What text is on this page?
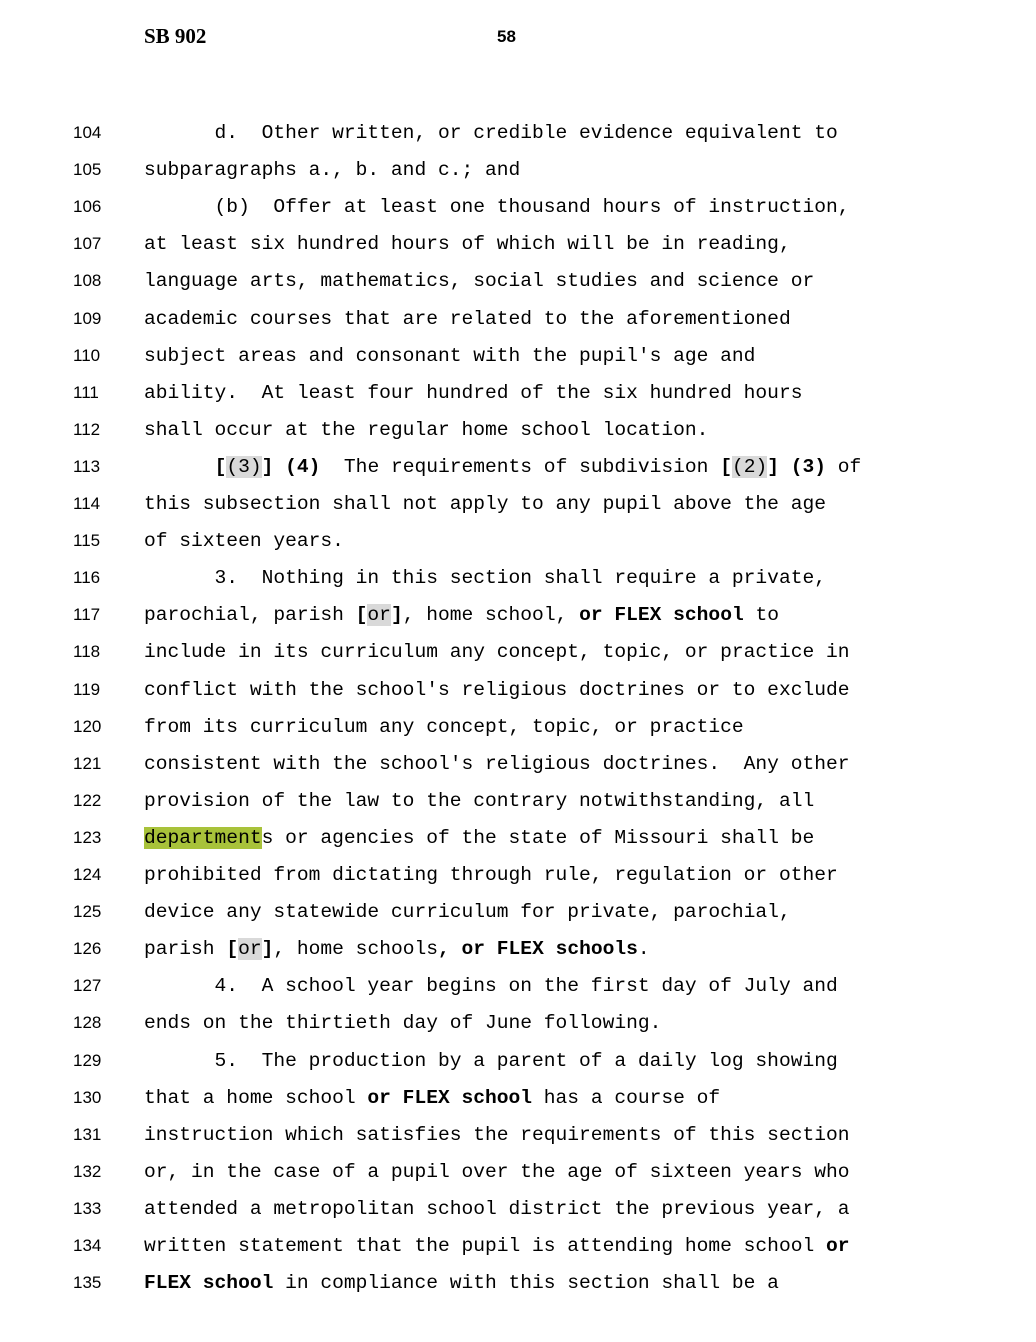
SB 902	58
104	d.  Other written, or credible evidence equivalent to
105	subparagraphs a., b. and c.; and
106	(b)  Offer at least one thousand hours of instruction,
107	at least six hundred hours of which will be in reading,
108	language arts, mathematics, social studies and science or
109	academic courses that are related to the aforementioned
110	subject areas and consonant with the pupil's age and
111	ability.  At least four hundred of the six hundred hours
112	shall occur at the regular home school location.
113	[(3)] (4)  The requirements of subdivision [(2)] (3) of
114	this subsection shall not apply to any pupil above the age
115	of sixteen years.
116	3.  Nothing in this section shall require a private,
117	parochial, parish [or], home school, or FLEX school to
118	include in its curriculum any concept, topic, or practice in
119	conflict with the school's religious doctrines or to exclude
120	from its curriculum any concept, topic, or practice
121	consistent with the school's religious doctrines.  Any other
122	provision of the law to the contrary notwithstanding, all
123	departments or agencies of the state of Missouri shall be
124	prohibited from dictating through rule, regulation or other
125	device any statewide curriculum for private, parochial,
126	parish [or], home schools, or FLEX schools.
127	4.  A school year begins on the first day of July and
128	ends on the thirtieth day of June following.
129	5.  The production by a parent of a daily log showing
130	that a home school or FLEX school has a course of
131	instruction which satisfies the requirements of this section
132	or, in the case of a pupil over the age of sixteen years who
133	attended a metropolitan school district the previous year, a
134	written statement that the pupil is attending home school or
135	FLEX school in compliance with this section shall be a
